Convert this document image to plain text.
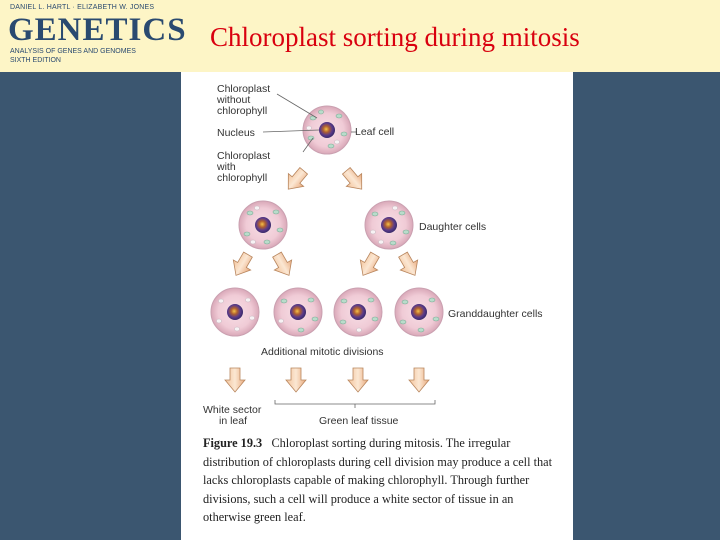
DANIEL L. HARTL · ELIZABETH W. JONES
GENETICS
ANALYSIS OF GENES AND GENOMES
SIXTH EDITION
Chloroplast sorting during mitosis
Chloroplast
without
chlorophyll
Nucleus
Chloroplast
with
chlorophyll
Leaf cell
Daughter cells
Granddaughter cells
Additional mitotic divisions
White sector
in leaf	Green leaf tissue
Figure 19.3 Chloroplast sorting during mitosis. The irregular distribution of chloroplasts during cell division may produce a cell that lacks chloroplasts capable of making chlorophyll. Through further divisions, such a cell will produce a white sector of tissue in an otherwise green leaf.
